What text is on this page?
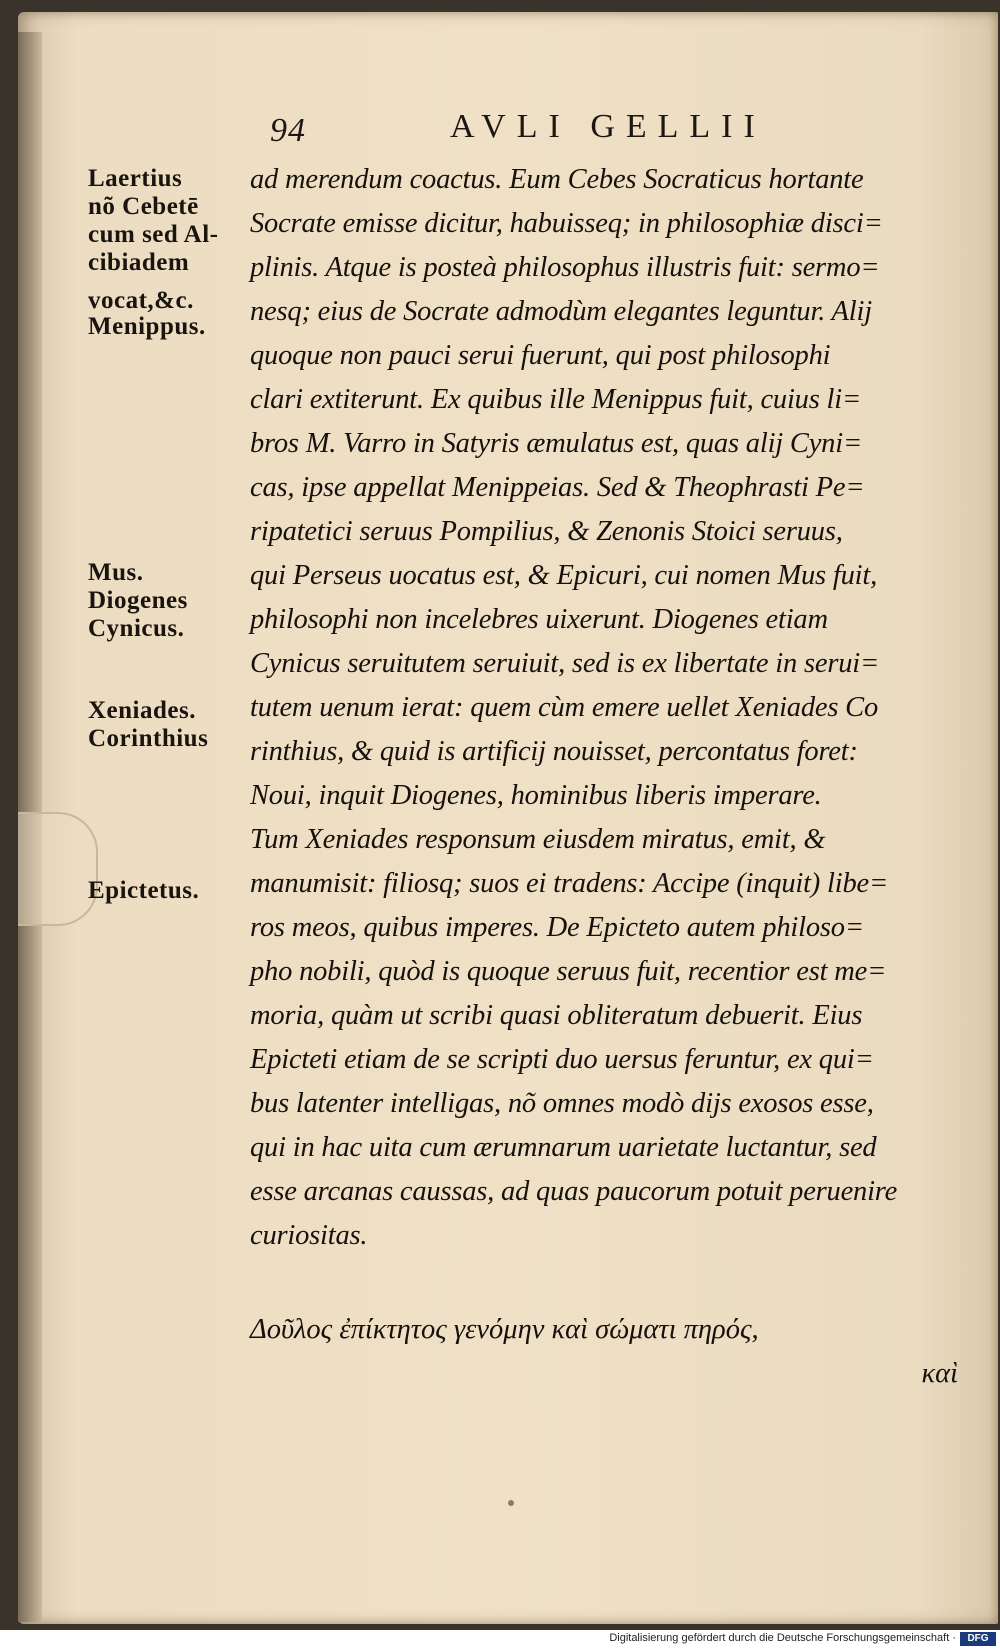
94	AVLI GELLII
Laertius
nõ Cebetē
cum sed Al-
cibiadem
vocat,&c.
Menippus.
Mus.
Diogenes
Cynicus.
Xeniades.
Corinthius
Epictetus.
ad merendum coactus. Eum Cebes Socraticus hortante
Socrate emisse dicitur, habuisseq; in philosophiæ disci=
plinis. Atque is posteà philosophus illustris fuit: sermo=
nesq; eius de Socrate admodùm elegantes leguntur. Alij
quoque non pauci serui fuerunt, qui post philosophi
clari extiterunt. Ex quibus ille Menippus fuit, cuius li=
bros M. Varro in Satyris æmulatus est, quas alij Cyni=
cas, ipse appellat Menippeias. Sed & Theophrasti Pe=
ripatetici seruus Pompilius, & Zenonis Stoici seruus,
qui Perseus uocatus est, & Epicuri, cui nomen Mus fuit,
philosophi non incelebres uixerunt. Diogenes etiam
Cynicus seruitutem seruiuit, sed is ex libertate in serui=
tutem uenum ierat: quem cùm emere uellet Xeniades Co
rinthius, & quid is artificij nouisset, percontatus foret:
Noui, inquit Diogenes, hominibus liberis imperare.
Tum Xeniades responsum eiusdem miratus, emit, &
manumisit: filiosq; suos ei tradens: Accipe (inquit) libe=
ros meos, quibus imperes. De Epicteto autem philoso=
pho nobili, quòd is quoque seruus fuit, recentior est me=
moria, quàm ut scribi quasi obliteratum debuerit. Eius
Epicteti etiam de se scripti duo uersus feruntur, ex qui=
bus latenter intelligas, nõ omnes modò dijs exosos esse,
qui in hac uita cum ærumnarum uarietate luctantur, sed
esse arcanas caussas, ad quas paucorum potuit peruenire
curiositas.
Δοῦλος ἐπίκτητος γενόμην καὶ σώματι πηρός,
καὶ
Digitalisierung gefördert durch die Deutsche Forschungsgemeinschaft ·	DFG
